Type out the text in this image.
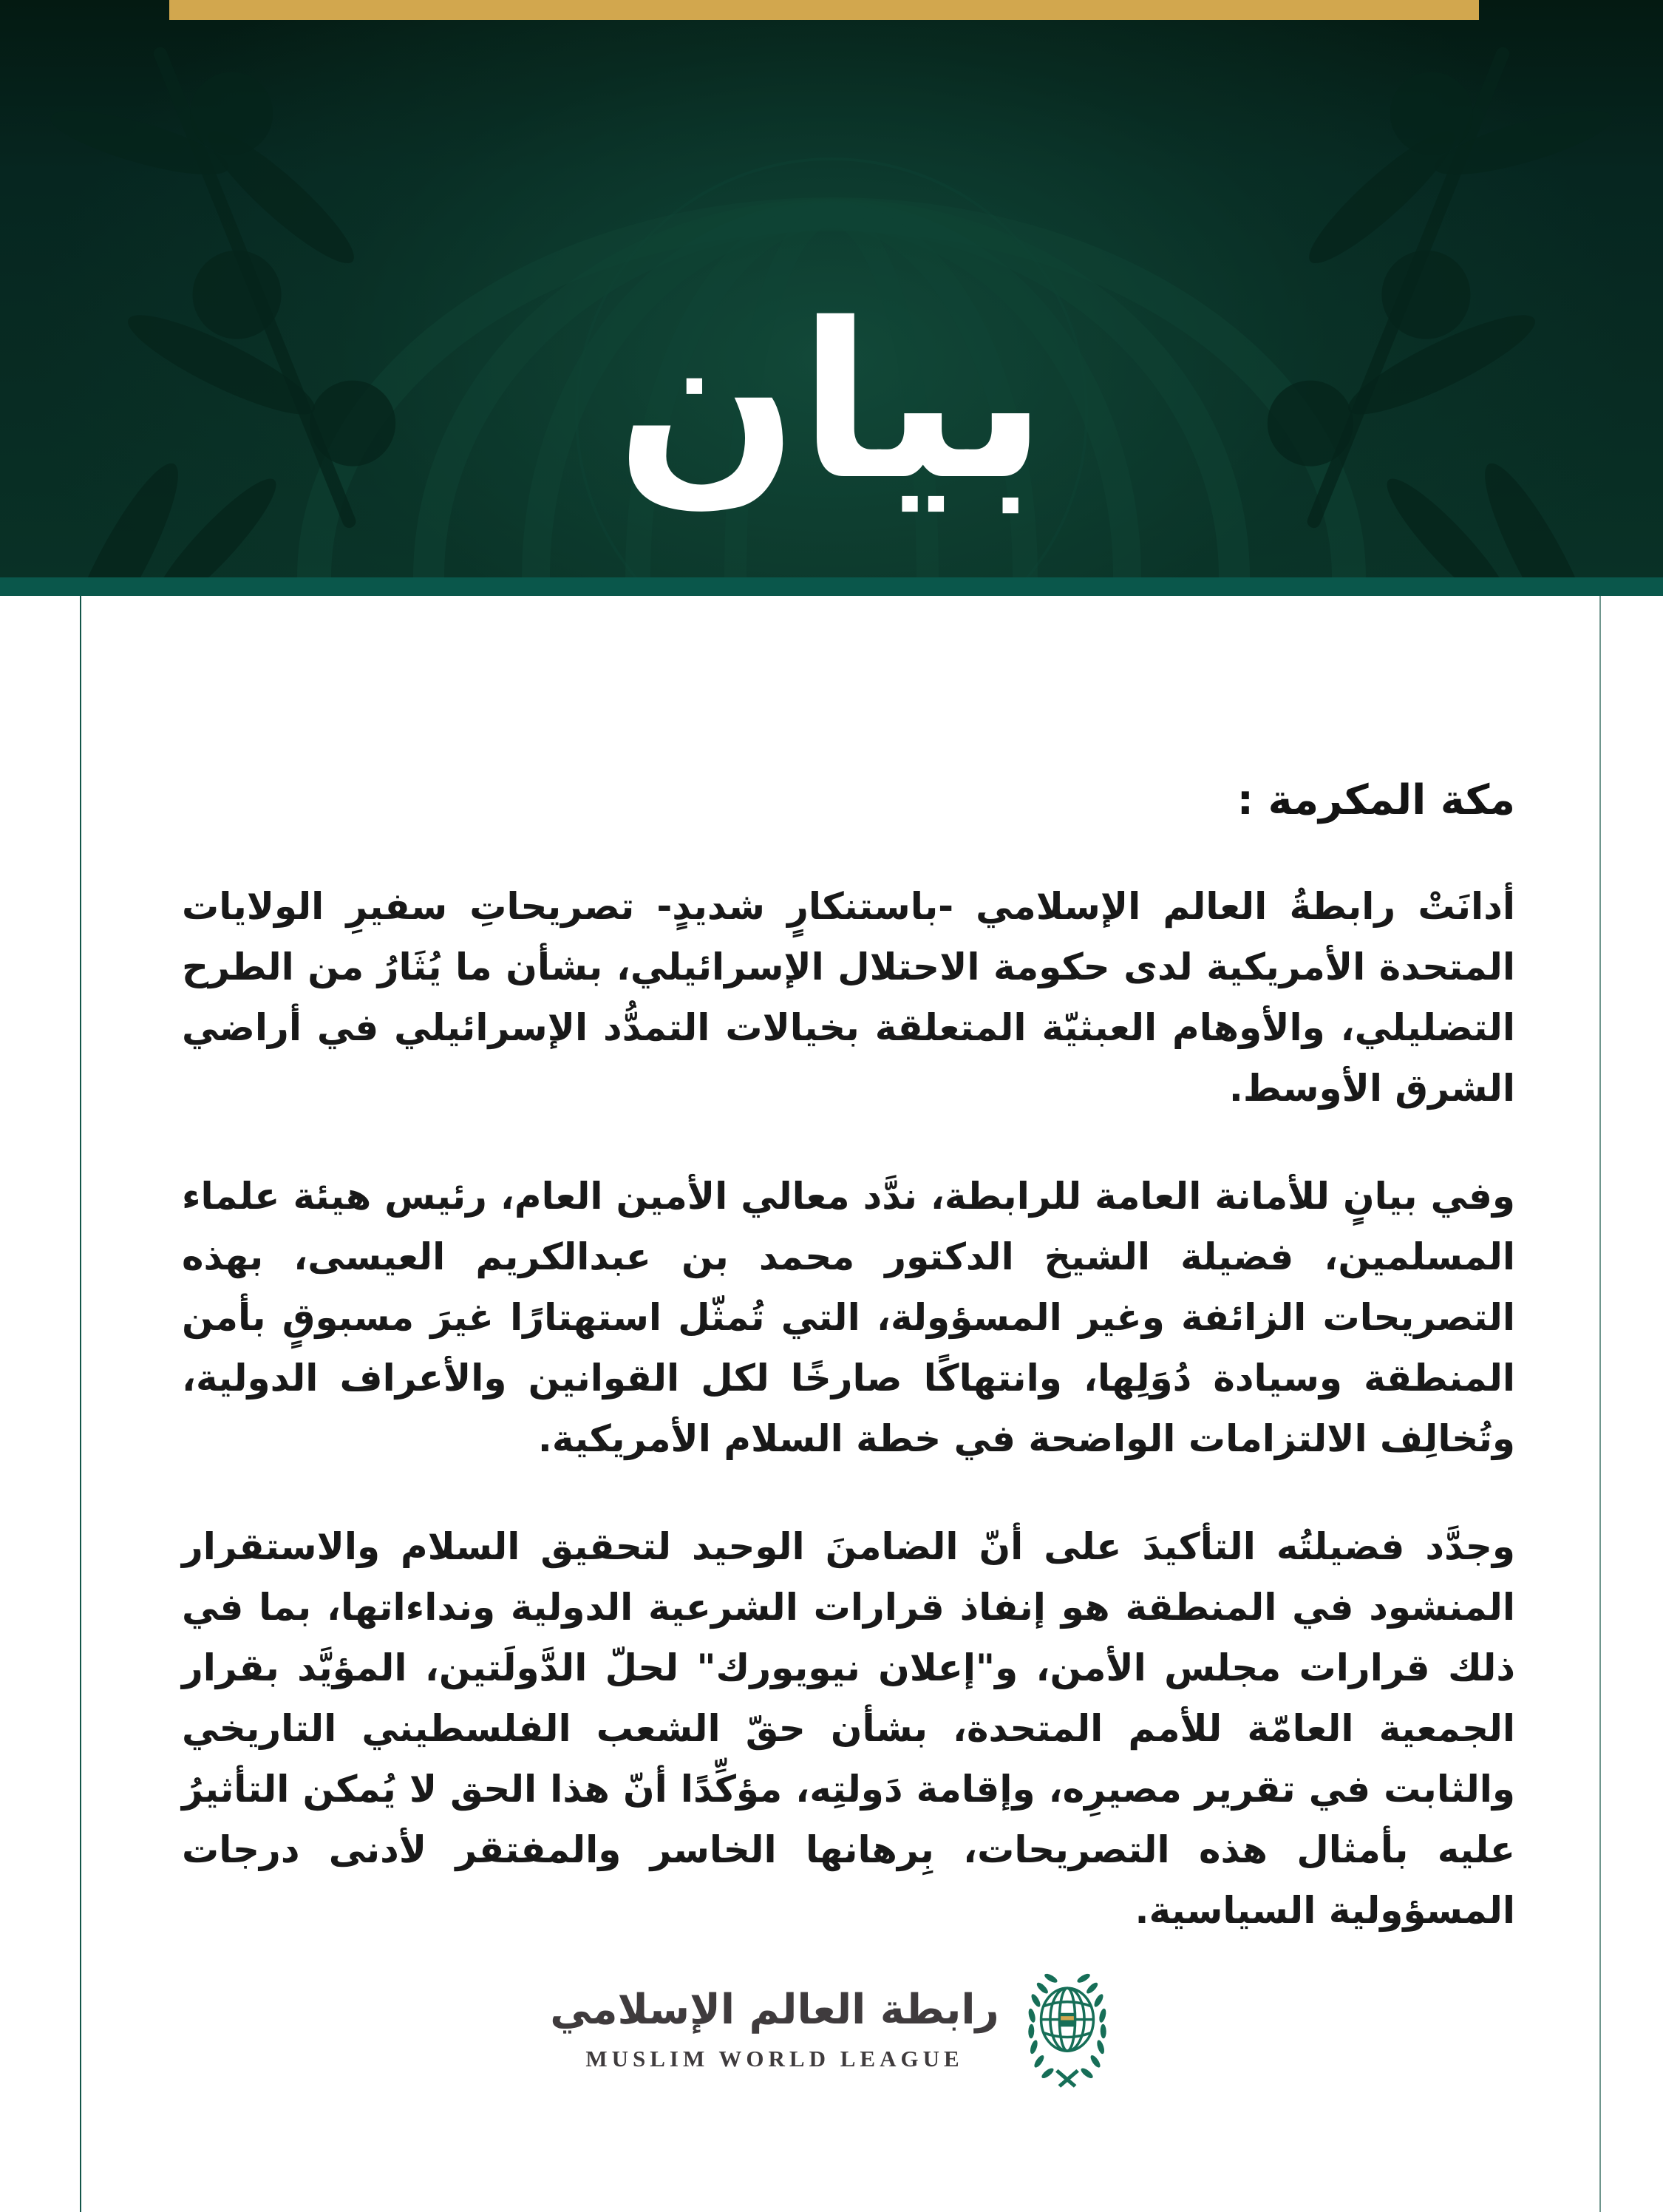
بيان
مكة المكرمة :

أدانَتْ رابطةُ العالم الإسلامي -باستنكارٍ شديدٍ- تصريحاتِ سفيرِ الولايات المتحدة الأمريكية لدى حكومة الاحتلال الإسرائيلي، بشأن ما يُثَارُ من الطرح التضليلي، والأوهام العبثيّة المتعلقة بخيالات التمدُّد الإسرائيلي في أراضي الشرق الأوسط.

وفي بيانٍ للأمانة العامة للرابطة، ندَّد معالي الأمين العام، رئيس هيئة علماء المسلمين، فضيلة الشيخ الدكتور محمد بن عبدالكريم العيسى، بهذه التصريحات الزائفة وغير المسؤولة، التي تُمثّل استهتارًا غيرَ مسبوقٍ بأمن المنطقة وسيادة دُوَلِها، وانتهاكًا صارخًا لكل القوانين والأعراف الدولية، وتُخالِف الالتزامات الواضحة في خطة السلام الأمريكية.

وجدَّد فضيلتُه التأكيدَ على أنّ الضامنَ الوحيد لتحقيق السلام والاستقرار المنشود في المنطقة هو إنفاذ قرارات الشرعية الدولية ونداءاتها، بما في ذلك قرارات مجلس الأمن، و"إعلان نيويورك" لحلّ الدَّولَتين، المؤيَّد بقرار الجمعية العامّة للأمم المتحدة، بشأن حقّ الشعب الفلسطيني التاريخي والثابت في تقرير مصيرِه، وإقامة دَولتِه، مؤكِّدًا أنّ هذا الحق لا يُمكن التأثيرُ عليه بأمثال هذه التصريحات، بِرهانها الخاسر والمفتقر لأدنى درجات المسؤولية السياسية.

رابطة العالم الإسلامي
MUSLIM WORLD LEAGUE
